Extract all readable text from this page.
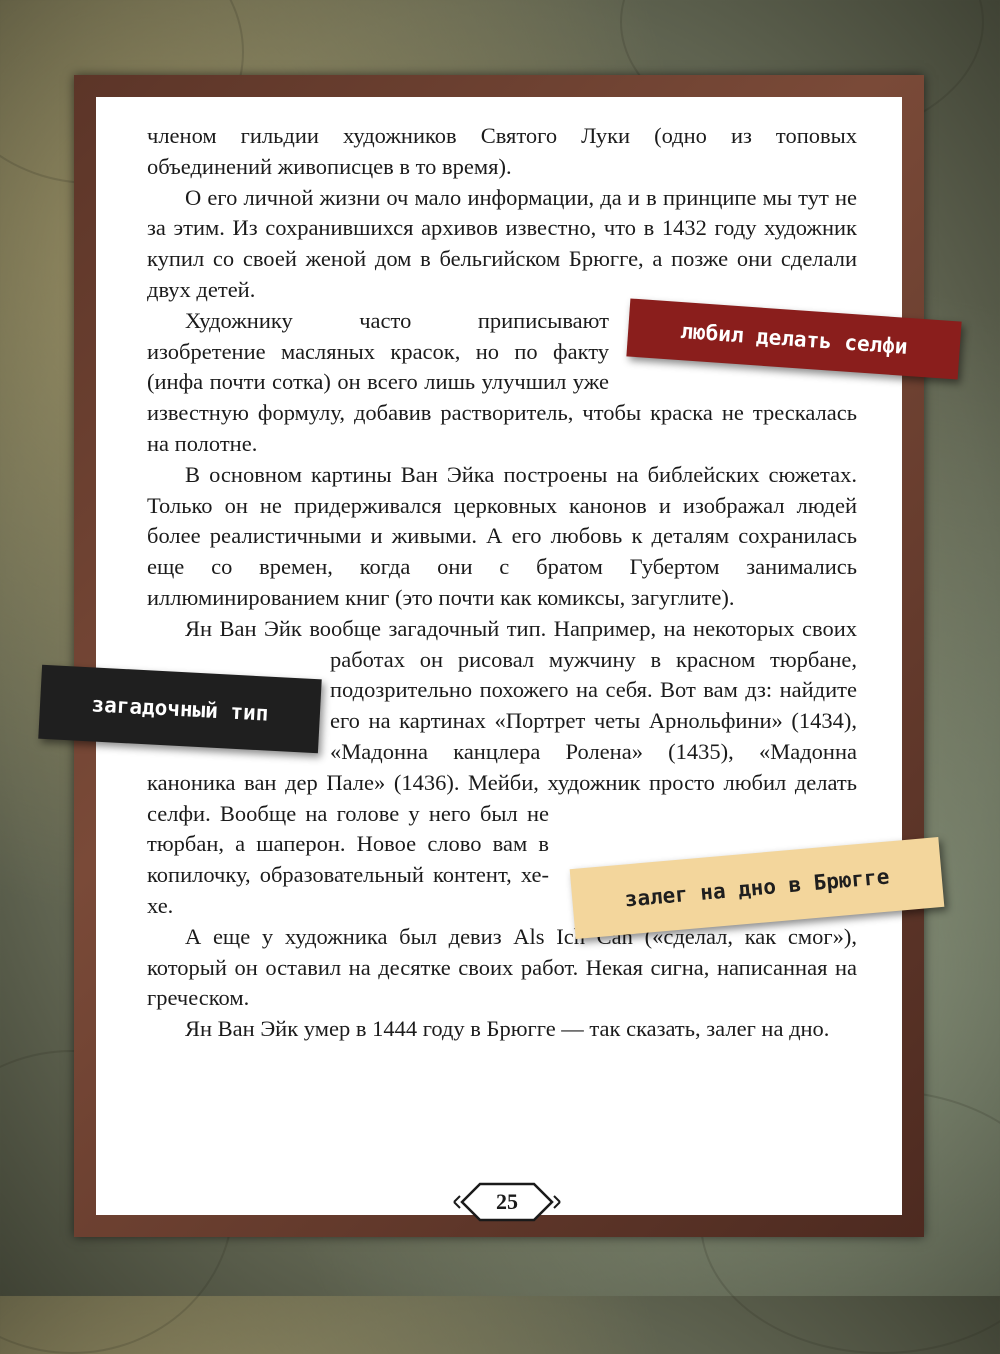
членом гильдии художников Святого Луки (одно из топовых объединений живописцев в то время).

О его личной жизни оч мало информации, да и в принципе мы тут не за этим. Из сохранившихся архивов известно, что в 1432 году художник купил со своей женой дом в бельгийском Брюгге, а позже они сделали двух детей.

Художнику часто приписывают изобретение масляных красок, но по факту (инфа почти сотка) он всего лишь улучшил уже известную формулу, добавив растворитель, чтобы краска не трескалась на полотне.

В основном картины Ван Эйка построены на библейских сюжетах. Только он не придерживался церковных канонов и изображал людей более реалистичными и живыми. А его любовь к деталям сохранилась еще со времен, когда они с братом Губертом занимались иллюминированием книг (это почти как комиксы, загуглите).

Ян Ван Эйк вообще загадочный тип. Например, на неко
торых своих работах он рисовал мужчину в красном тюрбане, подозрительно похожего на себя. Вот вам дз: найдите его на картинах «Портрет четы Арнольфини» (1434), «Мадонна канцлера Ролена» (1435), «Мадонна каноника ван дер Пале» (1436). Мейби, художник просто любил делать селфи. Вооб
ще на голове у него был не тюрбан, а шаперон. Новое слово вам в копилочку, образовательный контент, хе-хе.

А еще у художника был девиз Als Ich Can («сделал, как смог»), который он оставил на десятке своих работ. Некая сигна, написанная на греческом.

Ян Ван Эйк умер в 1444 году в Брюгге — так сказать, залег на дно.

любил делать селфи
загадочный тип
залег на дно в Брюгге
25
